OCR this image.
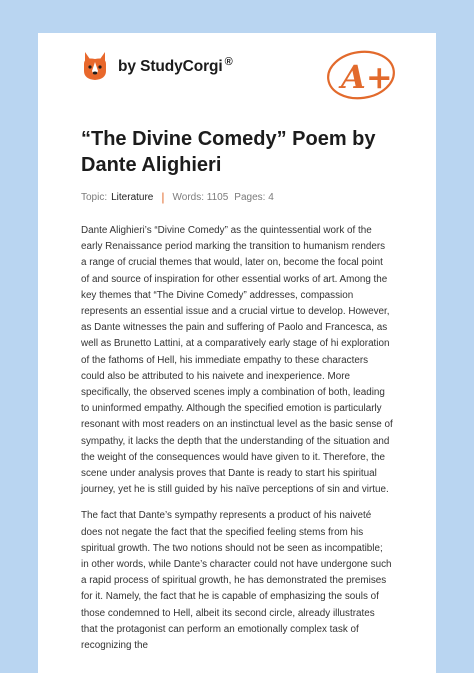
by StudyCorgi ®	A+
“The Divine Comedy” Poem by Dante Alighieri
Topic: Literature | Words: 1105 Pages: 4

Dante Alighieri’s “Divine Comedy” as the quintessential work of the early Renaissance period marking the transition to humanism renders a range of crucial themes that would, later on, become the focal point of and source of inspiration for other essential works of art. Among the key themes that “The Divine Comedy” addresses, compassion represents an essential issue and a crucial virtue to develop. However, as Dante witnesses the pain and suffering of Paolo and Francesca, as well as Brunetto Lattini, at a comparatively early stage of hi exploration of the fathoms of Hell, his immediate empathy to these characters could also be attributed to his naivete and inexperience. More specifically, the observed scenes imply a combination of both, leading to uninformed empathy. Although the specified emotion is particularly resonant with most readers on an instinctual level as the basic sense of sympathy, it lacks the depth that the understanding of the situation and the weight of the consequences would have given to it. Therefore, the scene under analysis proves that Dante is ready to start his spiritual journey, yet he is still guided by his naïve perceptions of sin and virtue.

The fact that Dante’s sympathy represents a product of his naiveté does not negate the fact that the specified feeling stems from his spiritual growth. The two notions should not be seen as incompatible; in other words, while Dante’s character could not have undergone such a rapid process of spiritual growth, he has demonstrated the premises for it. Namely, the fact that he is capable of emphasizing the souls of those condemned to Hell, albeit its second circle, already illustrates that the protagonist can perform an emotionally complex task of recognizing the
